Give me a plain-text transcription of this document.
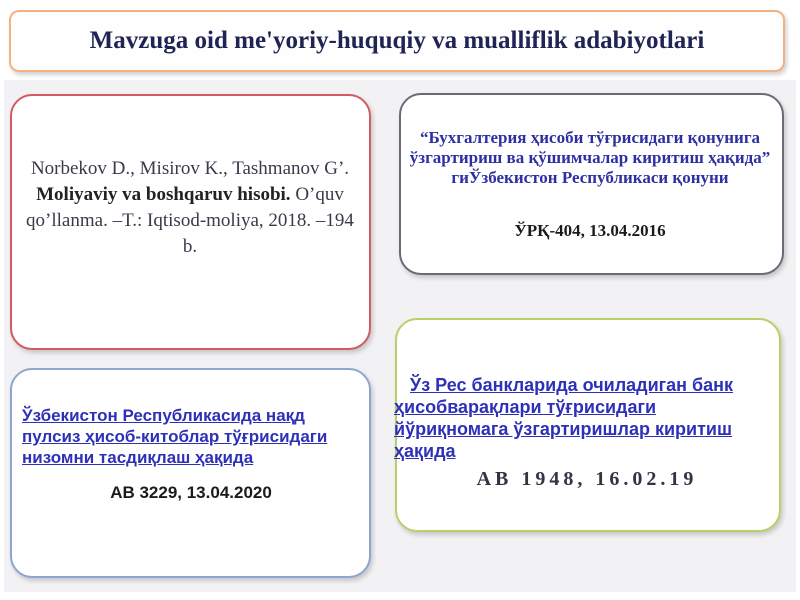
Mavzuga oid me'yoriy-huquqiy va mualliflik adabiyotlari
Norbekov D., Misirov K., Tashmanov G’. Moliyaviy va boshqaruv hisobi. O’quv qo’llanma. –T.: Iqtisod-moliya, 2018. –194 b.
“Бухгалтерия ҳисоби тўғрисидаги қонунига ўзгартириш ва қўшимчалар киритиш ҳақида” гиЎзбекистон Республикаси қонуни
ЎРҚ-404, 13.04.2016
Ўзбекистон Республикасида нақд пулсиз ҳисоб-китоблар тўғрисидаги низомни тасдиқлаш ҳақида
АВ 3229, 13.04.2020
Ўз Рес банкларида очиладиган банк ҳисобварақлари тўғрисидаги йўриқномага ўзгартиришлар киритиш ҳақида
AB 1948, 16.02.19
